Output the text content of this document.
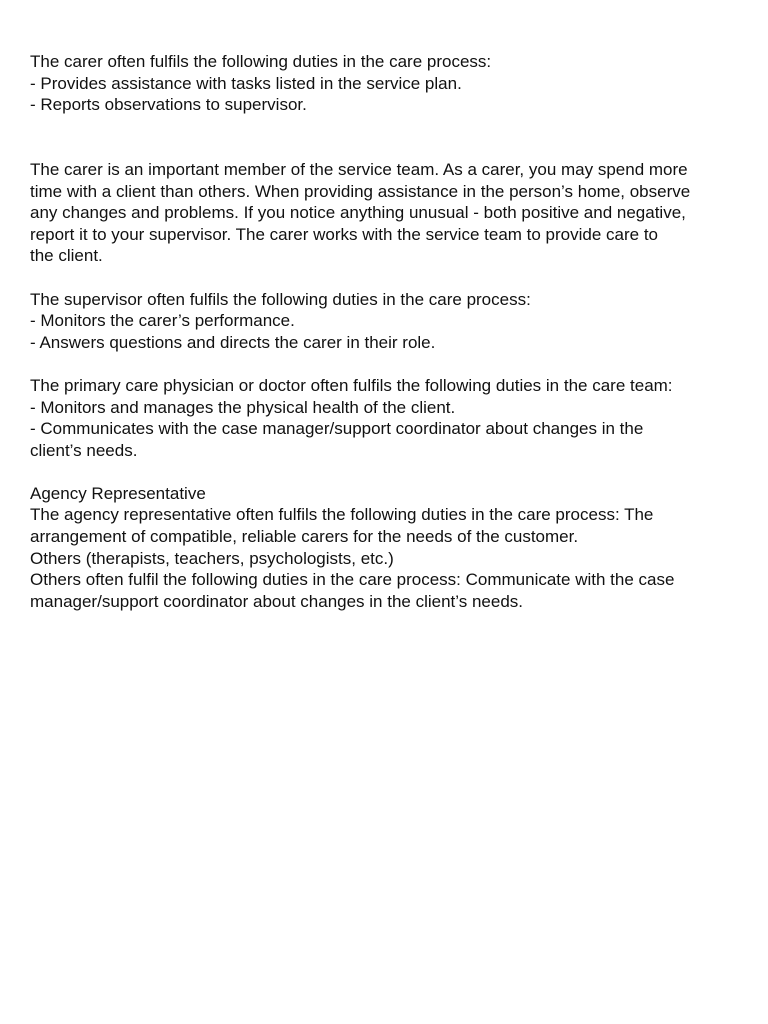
The carer often fulfils the following duties in the care process:
- Provides assistance with tasks listed in the service plan.
- Reports observations to supervisor.
The carer is an important member of the service team. As a carer, you may spend more
time with a client than others. When providing assistance in the person’s home, observe
any changes and problems. If you notice anything unusual - both positive and negative,
report it to your supervisor. The carer works with the service team to provide care to
the client.
The supervisor often fulfils the following duties in the care process:
- Monitors the carer’s performance.
- Answers questions and directs the carer in their role.
The primary care physician or doctor often fulfils the following duties in the care team:
- Monitors and manages the physical health of the client.
- Communicates with the case manager/support coordinator about changes in the
client’s needs.
Agency Representative
The agency representative often fulfils the following duties in the care process: The
arrangement of compatible, reliable carers for the needs of the customer.
Others (therapists, teachers, psychologists, etc.)
Others often fulfil the following duties in the care process: Communicate with the case
manager/support coordinator about changes in the client’s needs.
